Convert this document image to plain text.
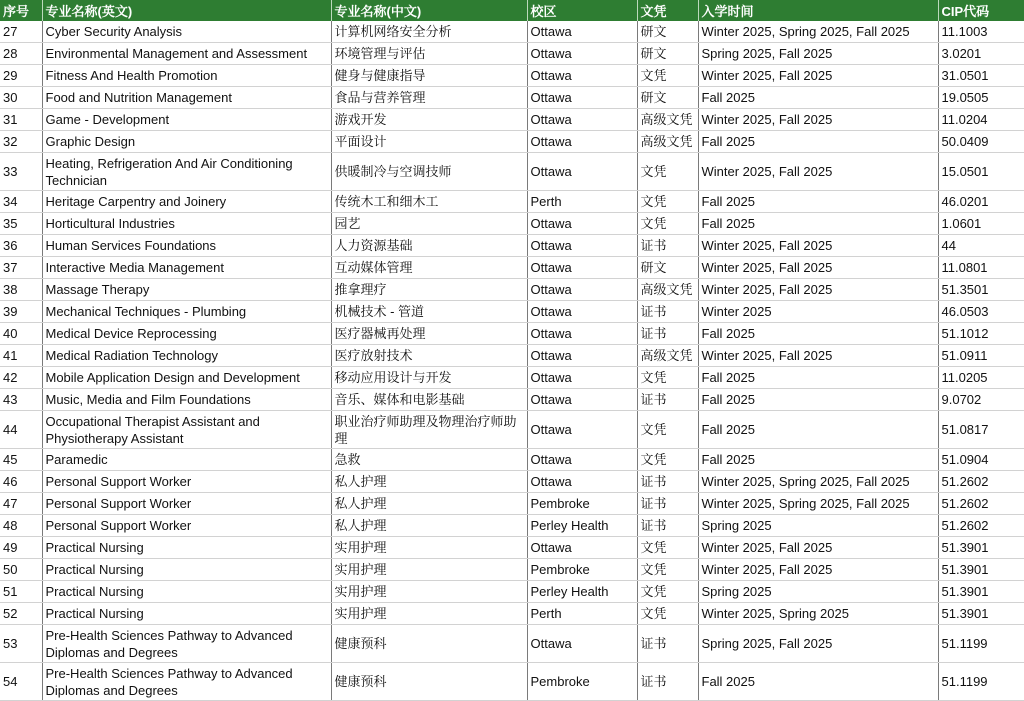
序号	专业名称(英文)	专业名称(中文)	校区	文凭	入学时间	CIP代码
27	Cyber Security Analysis	计算机网络安全分析	Ottawa	研文	Winter 2025, Spring 2025, Fall 2025	11.1003
28	Environmental Management and Assessment	环境管理与评估	Ottawa	研文	Spring 2025, Fall 2025	3.0201
29	Fitness And Health Promotion	健身与健康指导	Ottawa	文凭	Winter 2025, Fall 2025	31.0501
30	Food and Nutrition Management	食品与营养管理	Ottawa	研文	Fall 2025	19.0505
31	Game - Development	游戏开发	Ottawa	高级文凭	Winter 2025, Fall 2025	11.0204
32	Graphic Design	平面设计	Ottawa	高级文凭	Fall 2025	50.0409
33	Heating, Refrigeration And Air Conditioning Technician	供暖制冷与空调技师	Ottawa	文凭	Winter 2025, Fall 2025	15.0501
34	Heritage Carpentry and Joinery	传统木工和细木工	Perth	文凭	Fall 2025	46.0201
35	Horticultural Industries	园艺	Ottawa	文凭	Fall 2025	1.0601
36	Human Services Foundations	人力资源基础	Ottawa	证书	Winter 2025, Fall 2025	44
37	Interactive Media Management	互动媒体管理	Ottawa	研文	Winter 2025, Fall 2025	11.0801
38	Massage Therapy	推拿理疗	Ottawa	高级文凭	Winter 2025, Fall 2025	51.3501
39	Mechanical Techniques - Plumbing	机械技术 - 管道	Ottawa	证书	Winter 2025	46.0503
40	Medical Device Reprocessing	医疗器械再处理	Ottawa	证书	Fall 2025	51.1012
41	Medical Radiation Technology	医疗放射技术	Ottawa	高级文凭	Winter 2025, Fall 2025	51.0911
42	Mobile Application Design and Development	移动应用设计与开发	Ottawa	文凭	Fall 2025	11.0205
43	Music, Media and Film Foundations	音乐、媒体和电影基础	Ottawa	证书	Fall 2025	9.0702
44	Occupational Therapist Assistant and Physiotherapy Assistant	职业治疗师助理及物理治疗师助理	Ottawa	文凭	Fall 2025	51.0817
45	Paramedic	急救	Ottawa	文凭	Fall 2025	51.0904
46	Personal Support Worker	私人护理	Ottawa	证书	Winter 2025, Spring 2025, Fall 2025	51.2602
47	Personal Support Worker	私人护理	Pembroke	证书	Winter 2025, Spring 2025, Fall 2025	51.2602
48	Personal Support Worker	私人护理	Perley Health	证书	Spring 2025	51.2602
49	Practical Nursing	实用护理	Ottawa	文凭	Winter 2025, Fall 2025	51.3901
50	Practical Nursing	实用护理	Pembroke	文凭	Winter 2025, Fall 2025	51.3901
51	Practical Nursing	实用护理	Perley Health	文凭	Spring 2025	51.3901
52	Practical Nursing	实用护理	Perth	文凭	Winter 2025, Spring 2025	51.3901
53	Pre-Health Sciences Pathway to Advanced Diplomas and Degrees	健康预科	Ottawa	证书	Spring 2025, Fall 2025	51.1199
54	Pre-Health Sciences Pathway to Advanced Diplomas and Degrees	健康预科	Pembroke	证书	Fall 2025	51.1199
